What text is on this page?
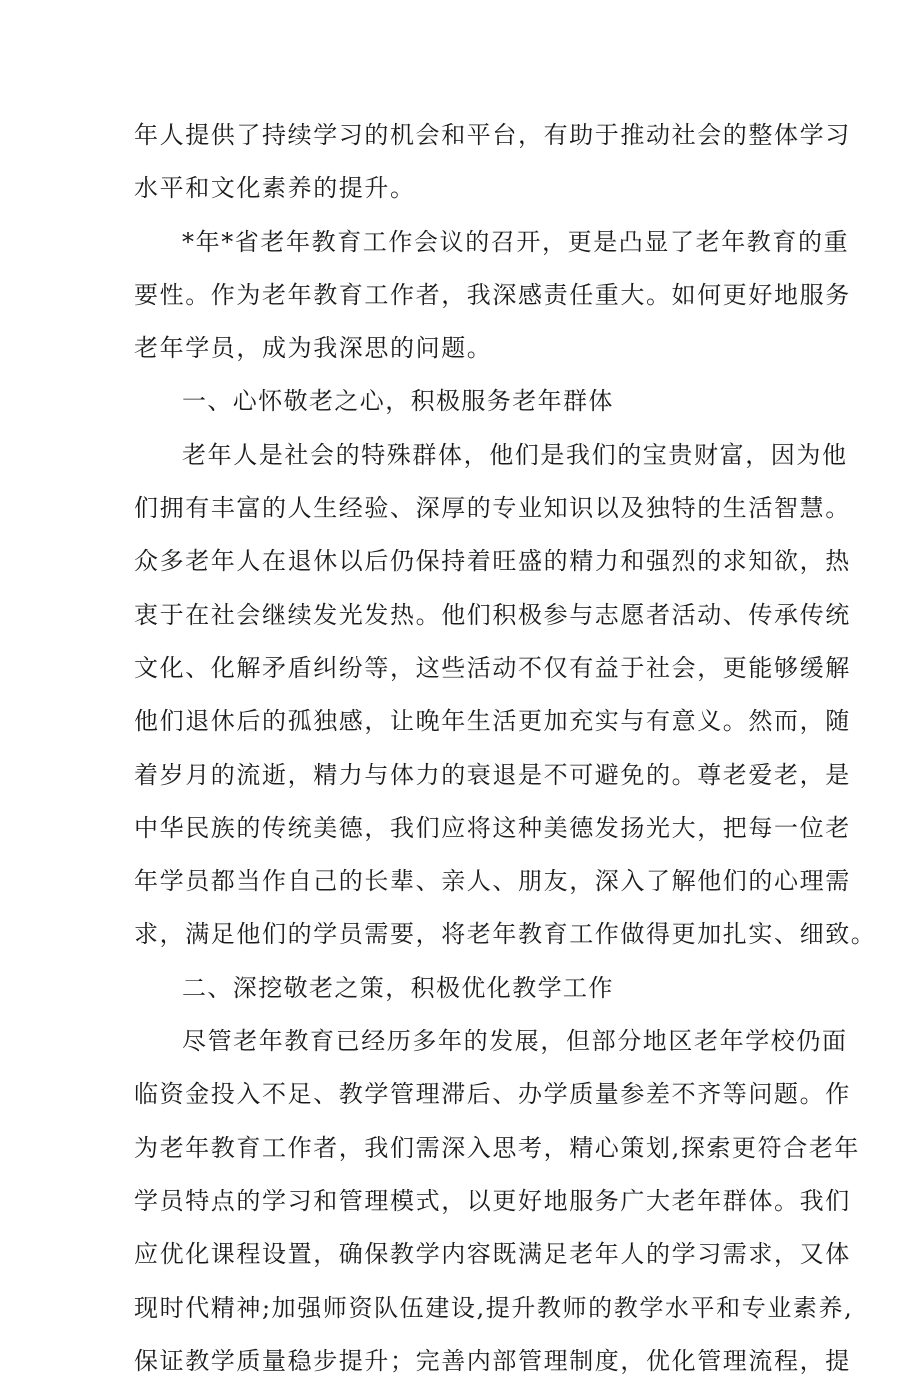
年人提供了持续学习的机会和平台，有助于推动社会的整体学习
水平和文化素养的提升。
*年*省老年教育工作会议的召开，更是凸显了老年教育的重
要性。作为老年教育工作者，我深感责任重大。如何更好地服务
老年学员，成为我深思的问题。
一、心怀敬老之心，积极服务老年群体
老年人是社会的特殊群体，他们是我们的宝贵财富，因为他
们拥有丰富的人生经验、深厚的专业知识以及独特的生活智慧。
众多老年人在退休以后仍保持着旺盛的精力和强烈的求知欲，热
衷于在社会继续发光发热。他们积极参与志愿者活动、传承传统
文化、化解矛盾纠纷等，这些活动不仅有益于社会，更能够缓解
他们退休后的孤独感，让晚年生活更加充实与有意义。然而，随
着岁月的流逝，精力与体力的衰退是不可避免的。尊老爱老，是
中华民族的传统美德，我们应将这种美德发扬光大，把每一位老
年学员都当作自己的长辈、亲人、朋友，深入了解他们的心理需
求，满足他们的学员需要，将老年教育工作做得更加扎实、细致。
二、深挖敬老之策，积极优化教学工作
尽管老年教育已经历多年的发展，但部分地区老年学校仍面
临资金投入不足、教学管理滞后、办学质量参差不齐等问题。作
为老年教育工作者，我们需深入思考，精心策划,探索更符合老年
学员特点的学习和管理模式，以更好地服务广大老年群体。我们
应优化课程设置，确保教学内容既满足老年人的学习需求，又体
现时代精神;加强师资队伍建设,提升教师的教学水平和专业素养,
保证教学质量稳步提升；完善内部管理制度，优化管理流程，提
